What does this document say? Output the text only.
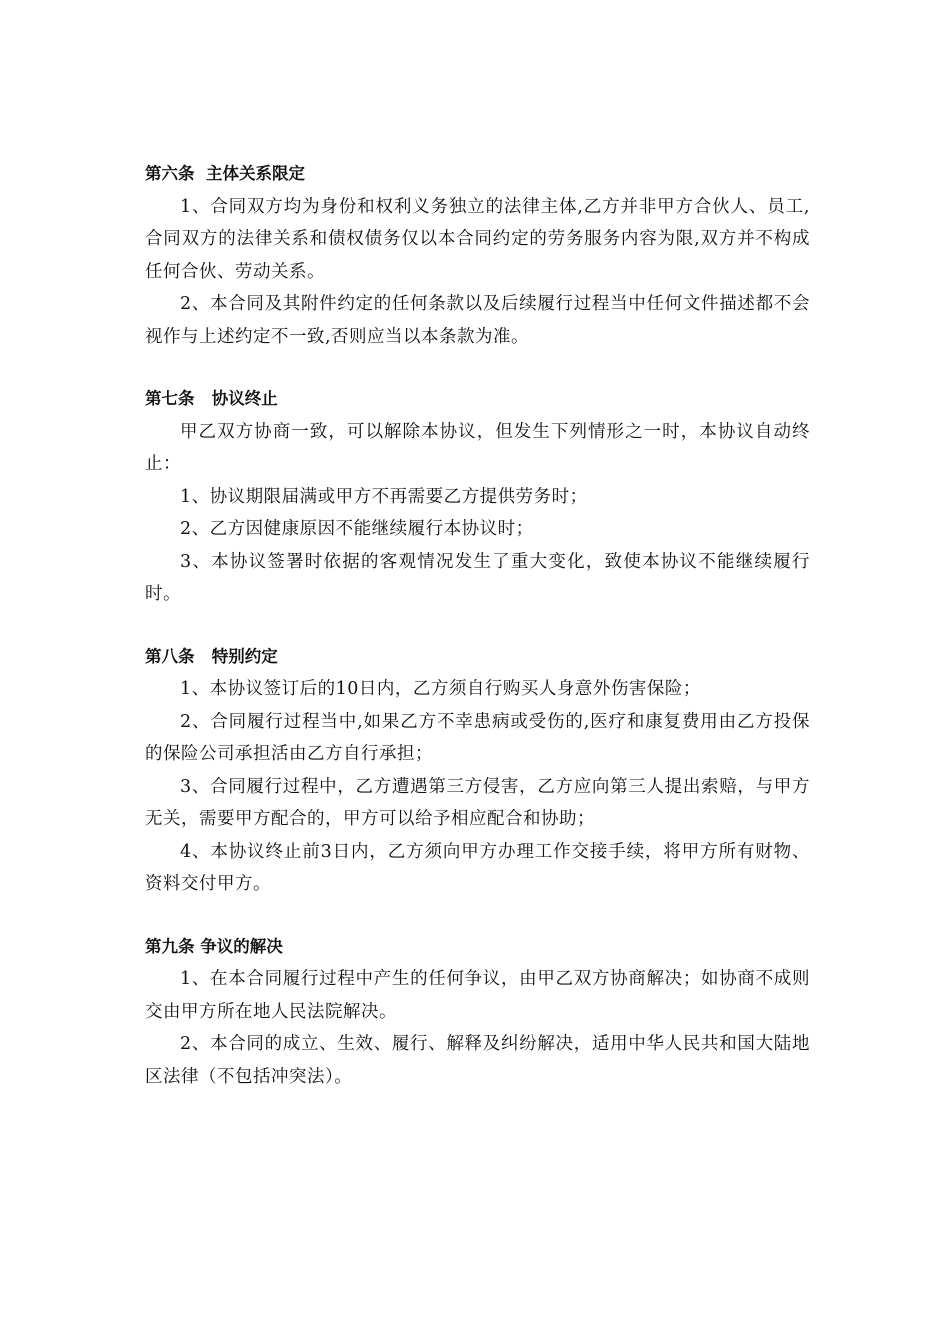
第六条  主体关系限定

1、合同双方均为身份和权利义务独立的法律主体,乙方并非甲方合伙人、员工,合同双方的法律关系和债权债务仅以本合同约定的劳务服务内容为限,双方并不构成任何合伙、劳动关系。

2、本合同及其附件约定的任何条款以及后续履行过程当中任何文件描述都不会视作与上述约定不一致,否则应当以本条款为准。

第七条   协议终止

甲乙双方协商一致，可以解除本协议，但发生下列情形之一时，本协议自动终止：

1、协议期限届满或甲方不再需要乙方提供劳务时；

2、乙方因健康原因不能继续履行本协议时；

3、本协议签署时依据的客观情况发生了重大变化，致使本协议不能继续履行时。

第八条   特别约定

1、本协议签订后的10日内，乙方须自行购买人身意外伤害保险；

2、合同履行过程当中,如果乙方不幸患病或受伤的,医疗和康复费用由乙方投保的保险公司承担活由乙方自行承担；

3、合同履行过程中，乙方遭遇第三方侵害，乙方应向第三人提出索赔，与甲方无关，需要甲方配合的，甲方可以给予相应配合和协助；

4、本协议终止前3日内，乙方须向甲方办理工作交接手续，将甲方所有财物、资料交付甲方。

第九条 争议的解决

1、在本合同履行过程中产生的任何争议，由甲乙双方协商解决；如协商不成则交由甲方所在地人民法院解决。

2、本合同的成立、生效、履行、解释及纠纷解决，适用中华人民共和国大陆地区法律（不包括冲突法）。
